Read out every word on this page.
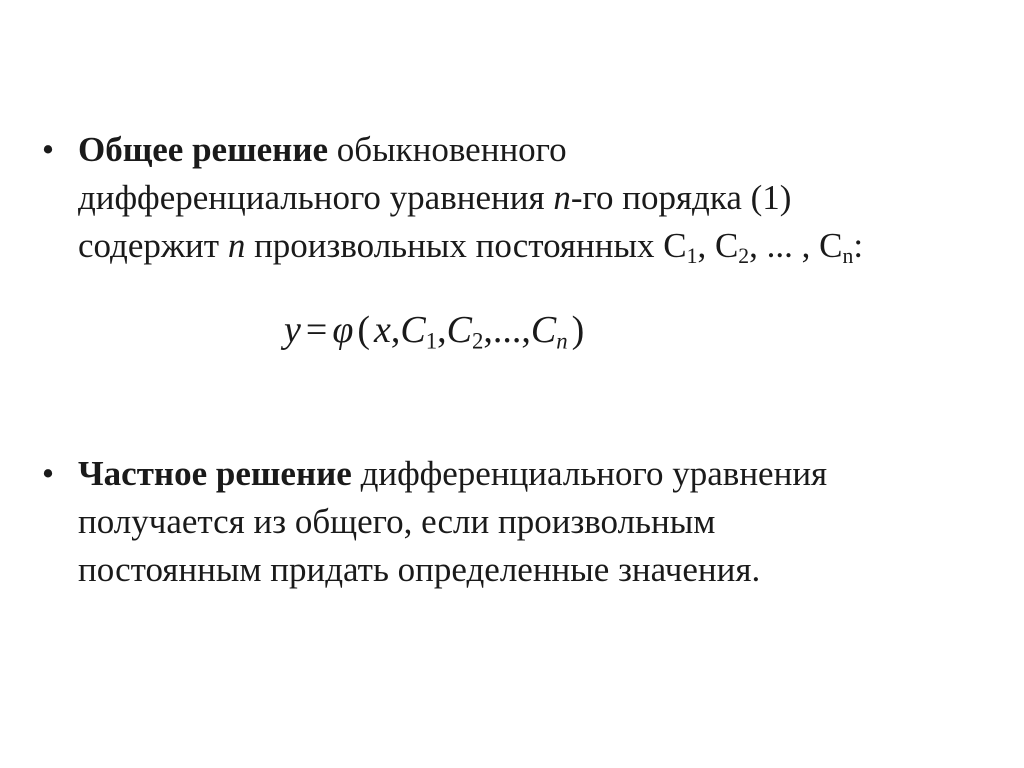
• Общее решение обыкновенного
дифференциального уравнения n-го порядка (1)
содержит n произвольных постоянных $С_1$, $С_2$, ... , $С_n$:
y = φ ( $x,C_1,C_2,...,C_n$ )
• Частное решение дифференциального уравнения
получается из общего, если произвольным
постоянным придать определенные значения.
